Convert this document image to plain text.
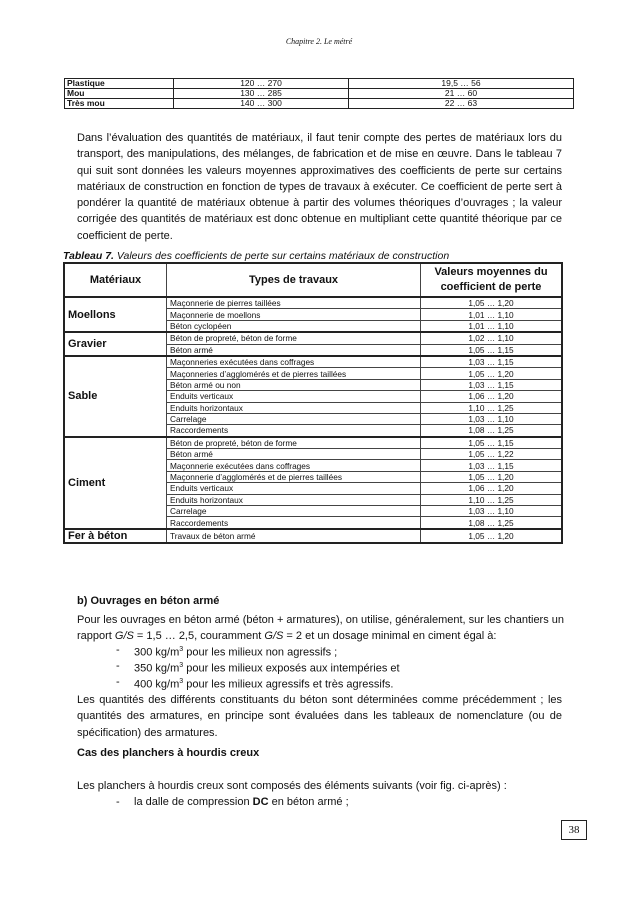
Chapitre 2. Le métré
Plastique	120 … 270	19,5 … 56
Mou	130 … 285	21 … 60
Très mou	140 … 300	22 … 63

Dans l’évaluation des quantités de matériaux, il faut tenir compte des pertes de matériaux lors du transport, des manipulations, des mélanges, de fabrication et de mise en œuvre. Dans le tableau 7 qui suit sont données les valeurs moyennes approximatives des coefficients de perte sur certains matériaux de construction en fonction de types de travaux à exécuter. Ce coefficient de perte sert à pondérer la quantité de matériaux obtenue à partir des volumes théoriques d’ouvrages ; la valeur corrigée des quantités de matériaux est donc obtenue en multipliant cette quantité théorique par ce coefficient de perte.

Tableau 7. Valeurs des coefficients de perte sur certains matériaux de construction
Matériaux	Types de travaux	Valeurs moyennes du coefficient de perte
Moellons	Maçonnerie de pierres taillées	1,05 … 1,20
	Maçonnerie de moellons	1,01 … 1,10
	Béton cyclopéen	1,01 … 1,10
Gravier	Béton de propreté, béton de forme	1,02 … 1,10
	Béton armé	1,05 … 1,15
Sable	Maçonneries exécutées dans coffrages	1,03 … 1,15
	Maçonneries d’agglomérés et de pierres taillées	1,05 … 1,20
	Béton armé ou non	1,03 … 1,15
	Enduits verticaux	1,06 … 1,20
	Enduits horizontaux	1,10 … 1,25
	Carrelage	1,03 … 1,10
	Raccordements	1,08 … 1,25
Ciment	Béton de propreté, béton de forme	1,05 … 1,15
	Béton armé	1,05 … 1,22
	Maçonnerie exécutées dans coffrages	1,03 … 1,15
	Maçonnerie d’agglomérés et de pierres taillées	1,05 … 1,20
	Enduits verticaux	1,06 … 1,20
	Enduits horizontaux	1,10 … 1,25
	Carrelage	1,03 … 1,10
	Raccordements	1,08 … 1,25
Fer à béton	Travaux de béton armé	1,05 … 1,20
b) Ouvrages en béton armé
Pour les ouvrages en béton armé (béton + armatures), on utilise, généralement, sur les chantiers un
rapport G/S = 1,5 … 2,5, couramment G/S = 2 et un dosage minimal en ciment égal à:
- 300 $kg/m^3$ pour les milieux non agressifs ;
- 350 $kg/m^3$ pour les milieux exposés aux intempéries et
- 400 $kg/m^3$ pour les milieux agressifs et très agressifs.

Les quantités des différents constituants du béton sont déterminées comme précédemment ; les quantités des armatures, en principe sont évaluées dans les tableaux de nomenclature (ou de spécification) des armatures.

Cas des planchers à hourdis creux
Les planchers à hourdis creux sont composés des éléments suivants (voir fig. ci-après) :
- la dalle de compression DC en béton armé ;
38
